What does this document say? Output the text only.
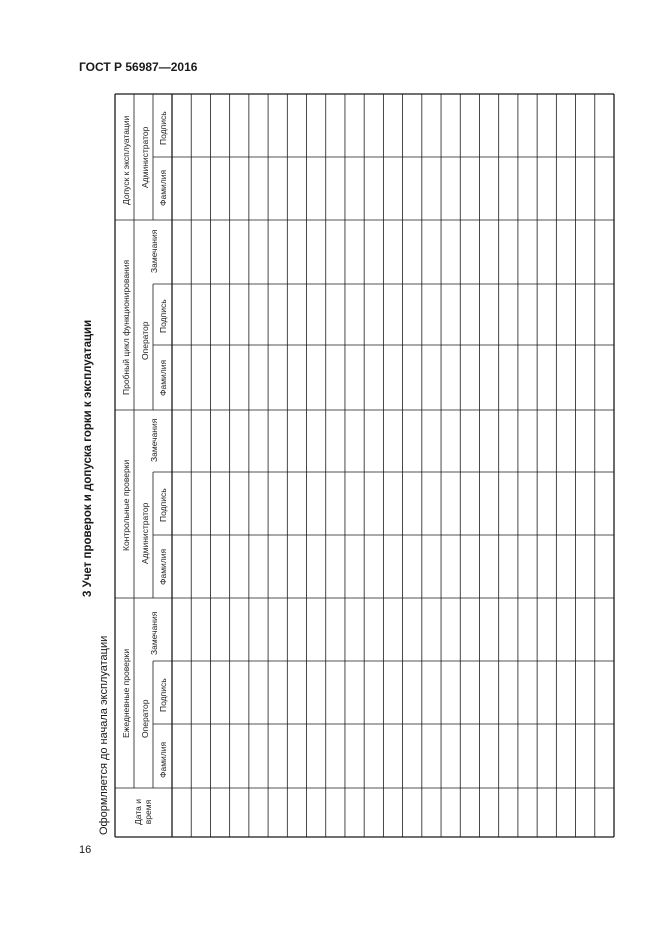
ГОСТ Р 56987—2016
3 Учет проверок и допуска горки к эксплуатации
Оформляется до начала эксплуатации	Дата и время
Ежедневные проверки Оператор
Фамилия
Подпись
Замечания
Контрольные проверки Администратор
Фамилия
Подпись
Замечания
Пробный цикл функционирования Оператор
Фамилия
Подпись
Замечания
Допуск к эксплуатации Администратор Фамилия
Подпись
16
